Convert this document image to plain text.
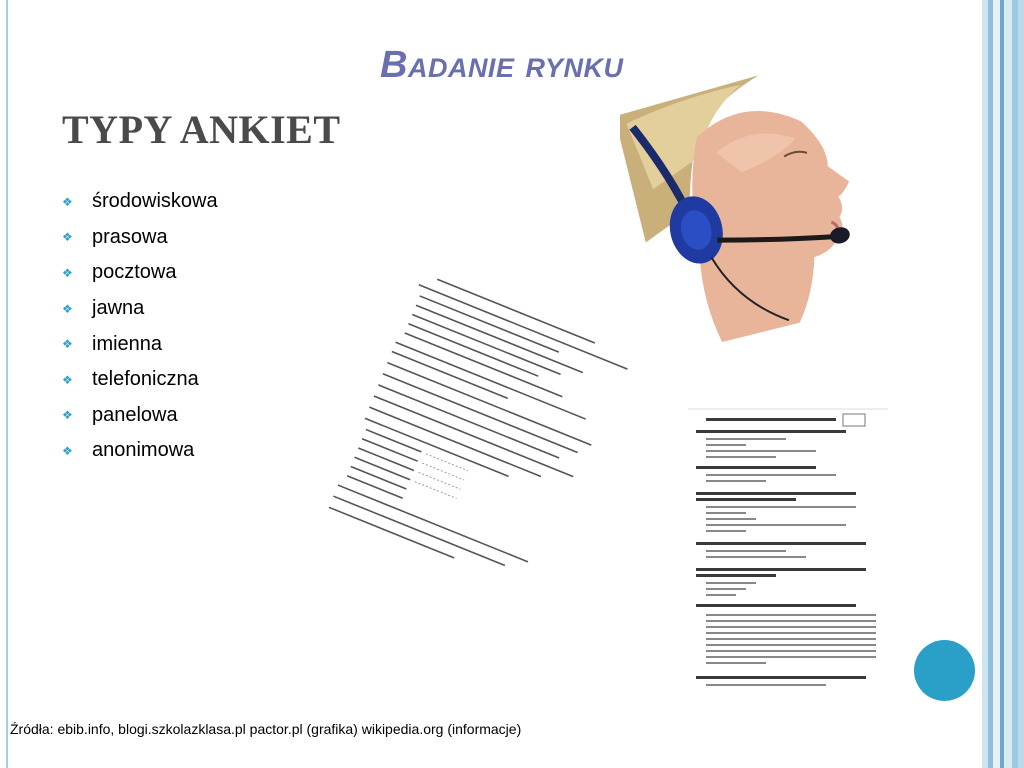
Badanie rynku
TYPY ANKIET
❖ środowiskowa
❖ prasowa
❖ pocztowa
❖ jawna
❖ imienna
❖ telefoniczna
❖ panelowa
❖ anonimowa
Źródła: ebib.info, blogi.szkolazklasa.pl pactor.pl (grafika) wikipedia.org (informacje)
